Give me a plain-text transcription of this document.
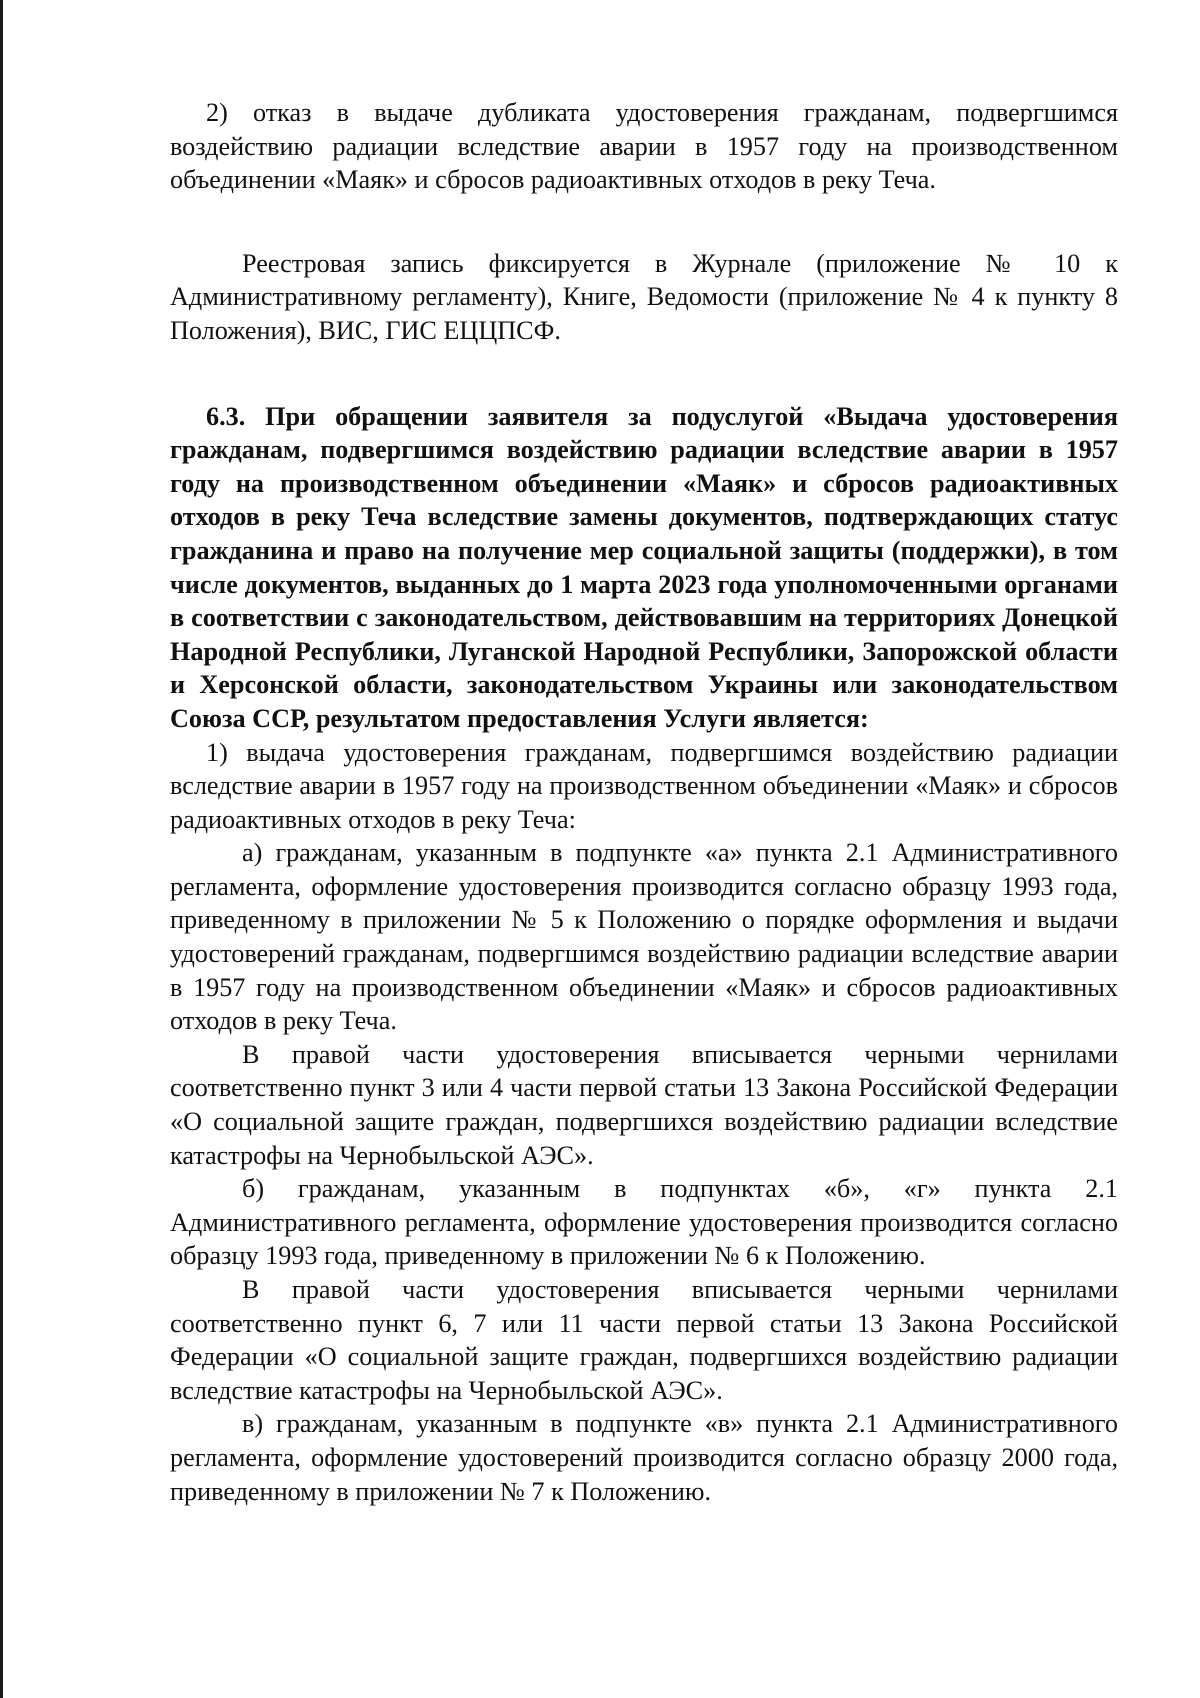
2) отказ в выдаче дубликата удостоверения гражданам, подвергшимся воздействию радиации вследствие аварии в 1957 году на производственном объединении «Маяк» и сбросов радиоактивных отходов в реку Теча.

Реестровая запись фиксируется в Журнале (приложение № 10 к Административному регламенту), Книге, Ведомости (приложение № 4 к пункту 8 Положения), ВИС, ГИС ЕЦЦПСФ.

6.3. При обращении заявителя за подуслугой «Выдача удостоверения гражданам, подвергшимся воздействию радиации вследствие аварии в 1957 году на производственном объединении «Маяк» и сбросов радиоактивных отходов в реку Теча вследствие замены документов, подтверждающих статус гражданина и право на получение мер социальной защиты (поддержки), в том числе документов, выданных до 1 марта 2023 года уполномоченными органами в соответствии с законодательством, действовавшим на территориях Донецкой Народной Республики, Луганской Народной Республики, Запорожской области и Херсонской области, законодательством Украины или законодательством Союза ССР, результатом предоставления Услуги является:

1) выдача удостоверения гражданам, подвергшимся воздействию радиации вследствие аварии в 1957 году на производственном объединении «Маяк» и сбросов радиоактивных отходов в реку Теча:

а) гражданам, указанным в подпункте «а» пункта 2.1 Административного регламента, оформление удостоверения производится согласно образцу 1993 года, приведенному в приложении № 5 к Положению о порядке оформления и выдачи удостоверений гражданам, подвергшимся воздействию радиации вследствие аварии в 1957 году на производственном объединении «Маяк» и сбросов радиоактивных отходов в реку Теча.

В правой части удостоверения вписывается черными чернилами соответственно пункт 3 или 4 части первой статьи 13 Закона Российской Федерации «О социальной защите граждан, подвергшихся воздействию радиации вследствие катастрофы на Чернобыльской АЭС».

б) гражданам, указанным в подпунктах «б», «г» пункта 2.1 Административного регламента, оформление удостоверения производится согласно образцу 1993 года, приведенному в приложении № 6 к Положению.

В правой части удостоверения вписывается черными чернилами соответственно пункт 6, 7 или 11 части первой статьи 13 Закона Российской Федерации «О социальной защите граждан, подвергшихся воздействию радиации вследствие катастрофы на Чернобыльской АЭС».

в) гражданам, указанным в подпункте «в» пункта 2.1 Административного регламента, оформление удостоверений производится согласно образцу 2000 года, приведенному в приложении № 7 к Положению.
